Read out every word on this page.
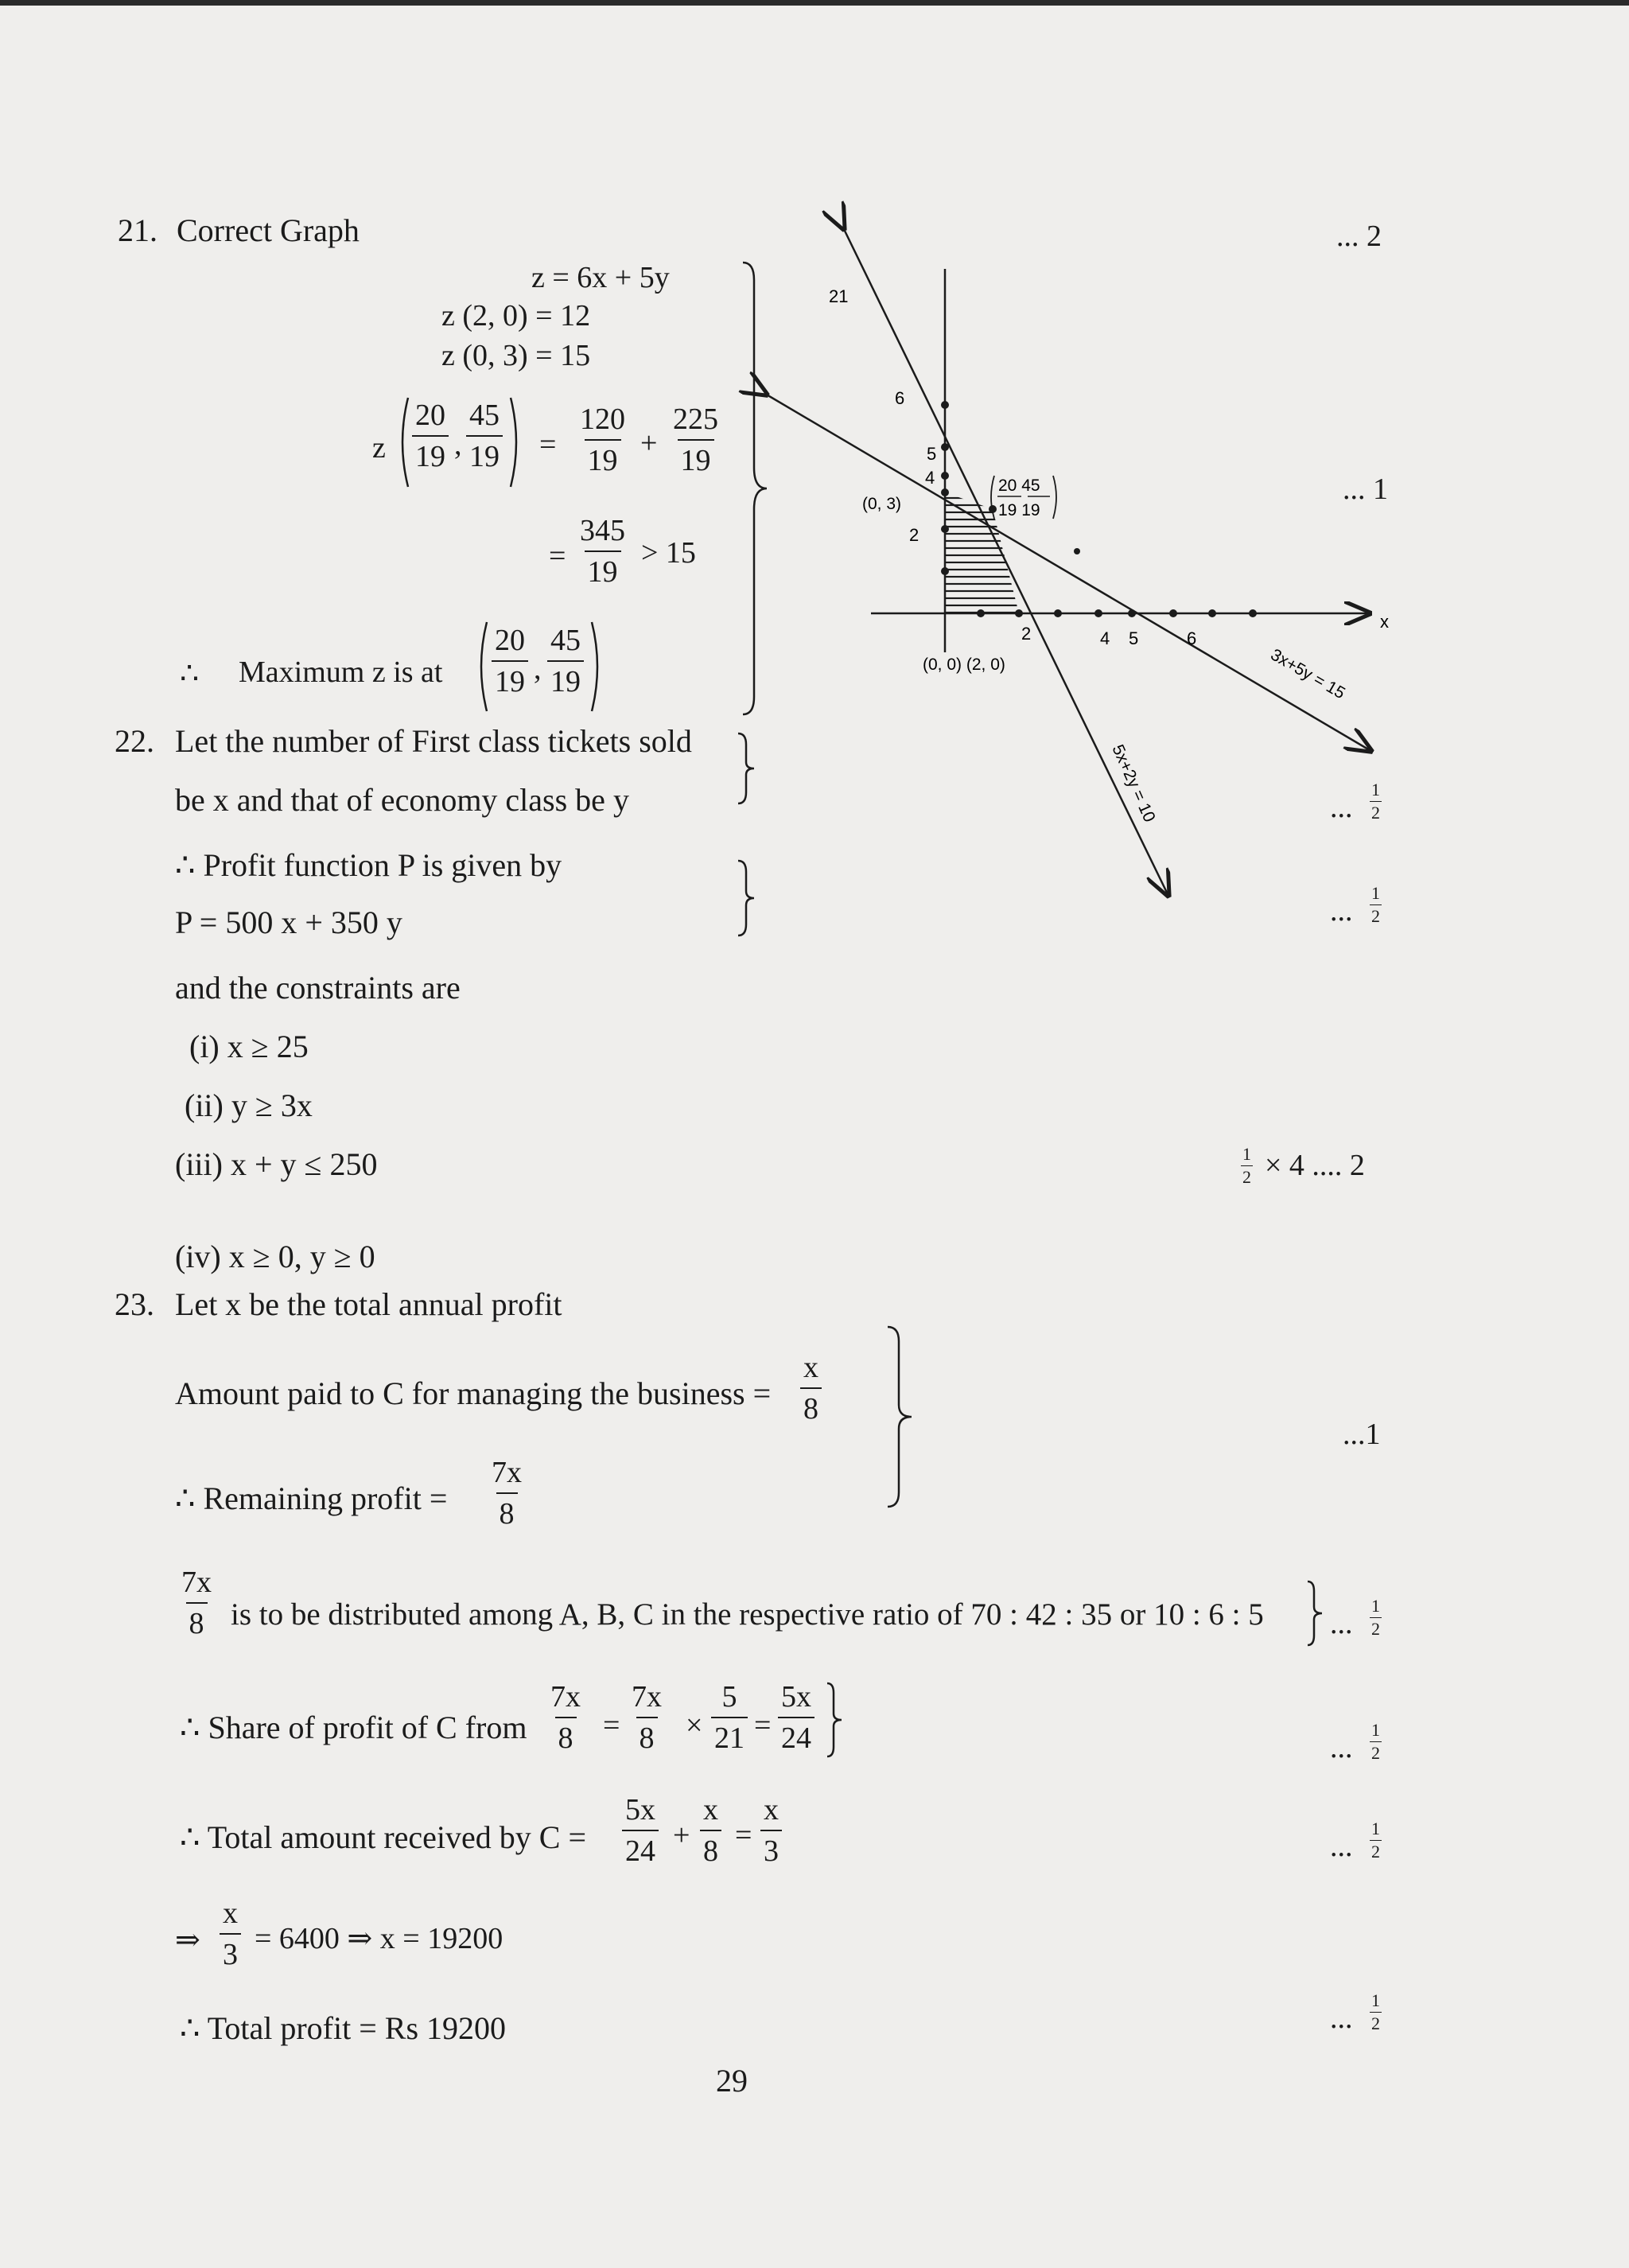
21. Correct Graph	... 2
z = 6x + 5y
z (2, 0) = 12
z (0, 3) = 15
z $\frac{20}{19}$ , $\frac{45}{19} = \frac{120}{19} + \frac{225}{19}$
= $\frac{345}{19} > 15$
∴ Maximum z is at $\frac{20}{19}$ , $\frac{45}{19}$
21
6
5
4
2
(0, 3)
2	4 5	6
x
(0, 0) (2, 0)
20 45
19 19
3x+5y = 15
5x+2y = 10
... 1
22. Let the number of First class tickets sold
be x and that of economy class be y	... $\frac{1}{2}$
∴ Profit function P is given by
P = 500 x + 350 y	... $\frac{1}{2}$
and the constraints are
(i) x ≥ 25
(ii) y ≥ 3x
(iii) x + y ≤ 250	$\frac{1}{2} \times 4$ .... 2
(iv) x ≥ 0, y ≥ 0
23. Let x be the total annual profit
Amount paid to C for managing the business = $\frac{x}{8}$
∴ Remaining profit = $\frac{7x}{8}$
...1
$\frac{7x}{8}$ is to be distributed among A, B, C in the respective ratio of 70 : 42 : 35 or 10 : 6 : 5 ... $\frac{1}{2}$
∴ Share of profit of C from $\frac{7x}{8} = \frac{7x}{8} \times \frac{5}{21} = \frac{5x}{24}$	... $\frac{1}{2}$
∴ Total amount received by $C = \frac{5x}{24} + \frac{x}{8} = \frac{x}{3}$	... $\frac{1}{2}$
⇒ $\frac{x}{3} = 6400$ ⇒ x = 19200
∴ Total profit = Rs 19200	... $\frac{1}{2}$
29
